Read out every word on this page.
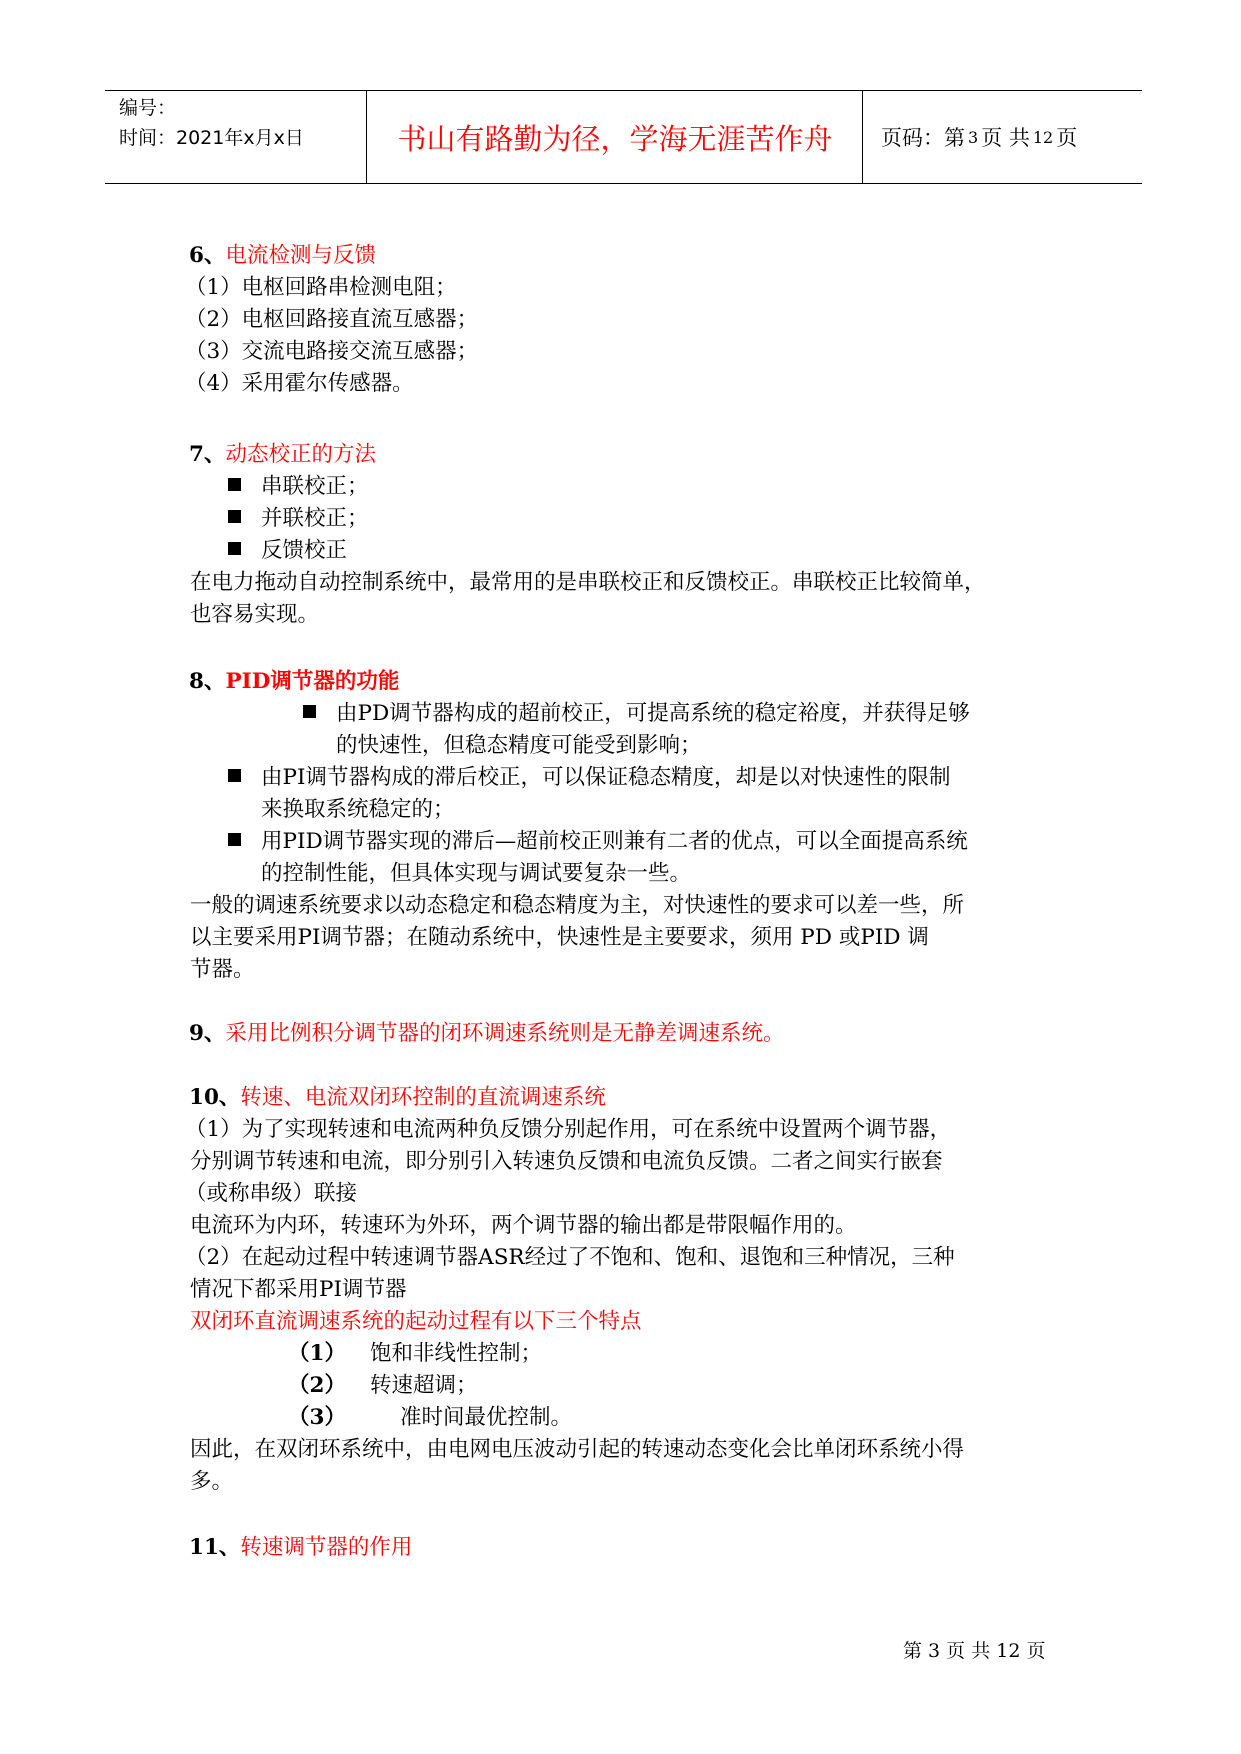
编号：
时间：2021年x月x日	书山有路勤为径，学海无涯苦作舟	页码：第 3 页 共 12 页
6、电流检测与反馈
（1）电枢回路串检测电阻；
（2）电枢回路接直流互感器；
（3）交流电路接交流互感器；
（4）采用霍尔传感器。
7、动态校正的方法
串联校正；
并联校正；
反馈校正
在电力拖动自动控制系统中，最常用的是串联校正和反馈校正。串联校正比较简单，
也容易实现。
8、PID调节器的功能
由PD调节器构成的超前校正，可提高系统的稳定裕度，并获得足够
的快速性，但稳态精度可能受到影响；
由PI调节器构成的滞后校正，可以保证稳态精度，却是以对快速性的限制
来换取系统稳定的；
用PID调节器实现的滞后—超前校正则兼有二者的优点，可以全面提高系统
的控制性能，但具体实现与调试要复杂一些。
一般的调速系统要求以动态稳定和稳态精度为主，对快速性的要求可以差一些，所
以主要采用PI调节器；在随动系统中，快速性是主要要求，须用 PD 或PID 调
节器。
9、采用比例积分调节器的闭环调速系统则是无静差调速系统。
10、转速、电流双闭环控制的直流调速系统
（1）为了实现转速和电流两种负反馈分别起作用，可在系统中设置两个调节器，
分别调节转速和电流，即分别引入转速负反馈和电流负反馈。二者之间实行嵌套
（或称串级）联接
电流环为内环，转速环为外环，两个调节器的输出都是带限幅作用的。
（2）在起动过程中转速调节器ASR经过了不饱和、饱和、退饱和三种情况，三种
情况下都采用PI调节器
双闭环直流调速系统的起动过程有以下三个特点
（1） 饱和非线性控制；
（2） 转速超调；
（3）	准时间最优控制。
因此，在双闭环系统中，由电网电压波动引起的转速动态变化会比单闭环系统小得
多。
11、转速调节器的作用
第 3 页 共 12 页
